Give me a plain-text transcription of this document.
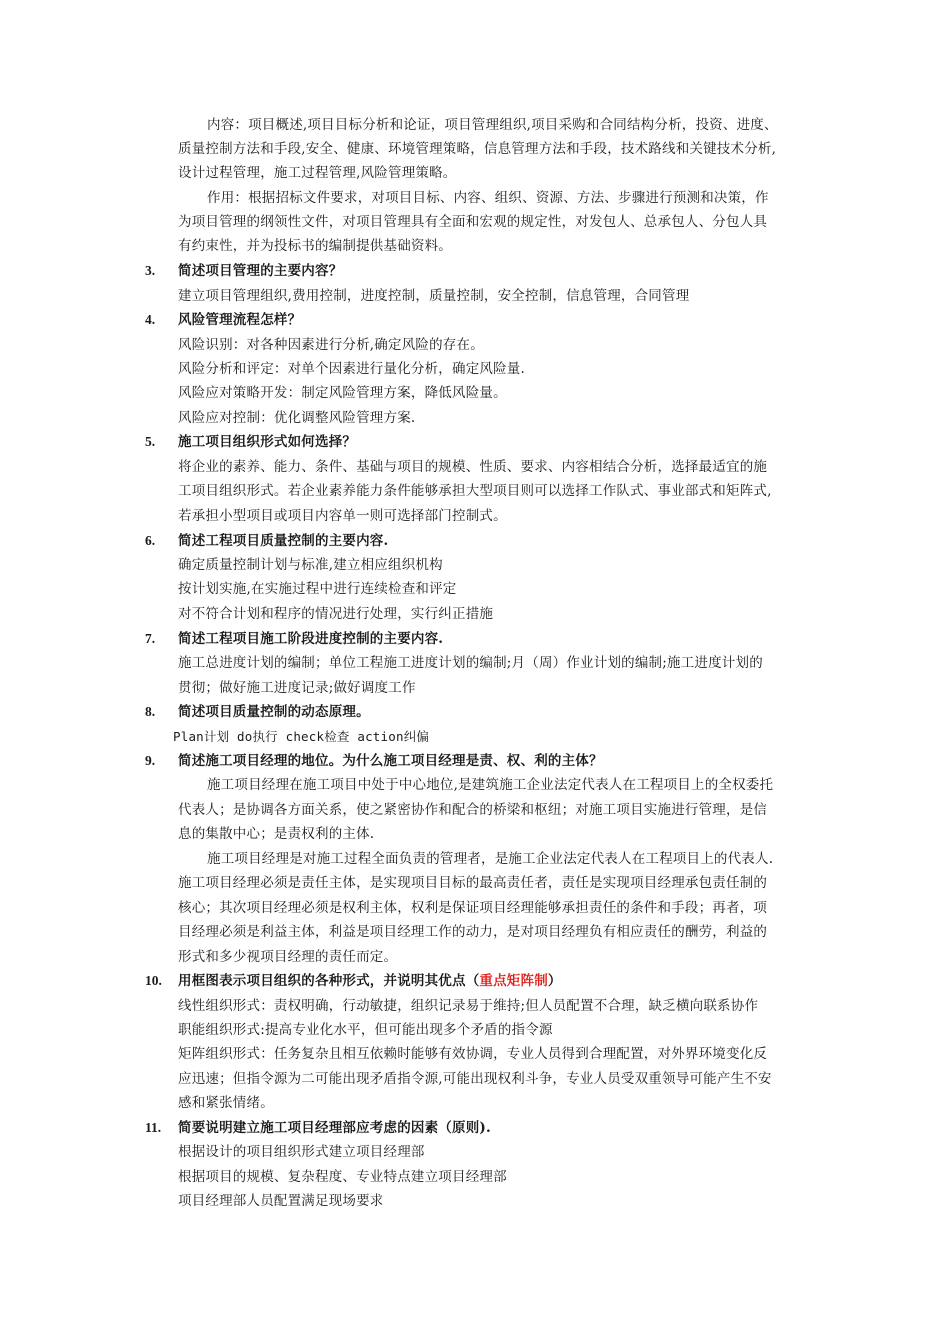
内容：项目概述,项目目标分析和论证，项目管理组织,项目采购和合同结构分析，投资、进度、
质量控制方法和手段,安全、健康、环境管理策略，信息管理方法和手段，技术路线和关键技术分析,
设计过程管理，施工过程管理,风险管理策略。
作用：根据招标文件要求，对项目目标、内容、组织、资源、方法、步骤进行预测和决策，作
为项目管理的纲领性文件，对项目管理具有全面和宏观的规定性，对发包人、总承包人、分包人具
有约束性，并为投标书的编制提供基础资料。
3. 简述项目管理的主要内容？
建立项目管理组织,费用控制，进度控制，质量控制，安全控制，信息管理，合同管理
4. 风险管理流程怎样？
风险识别：对各种因素进行分析,确定风险的存在。
风险分析和评定：对单个因素进行量化分析，确定风险量.
风险应对策略开发：制定风险管理方案，降低风险量。
风险应对控制：优化调整风险管理方案.
5. 施工项目组织形式如何选择？
将企业的素养、能力、条件、基础与项目的规模、性质、要求、内容相结合分析，选择最适宜的施
工项目组织形式。若企业素养能力条件能够承担大型项目则可以选择工作队式、事业部式和矩阵式,
若承担小型项目或项目内容单一则可选择部门控制式。
6. 简述工程项目质量控制的主要内容.
确定质量控制计划与标准,建立相应组织机构
按计划实施,在实施过程中进行连续检查和评定
对不符合计划和程序的情况进行处理，实行纠正措施
7. 简述工程项目施工阶段进度控制的主要内容.
施工总进度计划的编制；单位工程施工进度计划的编制;月（周）作业计划的编制;施工进度计划的
贯彻；做好施工进度记录;做好调度工作
8. 简述项目质量控制的动态原理。
Plan计划 do执行 check检查 action纠偏
9. 简述施工项目经理的地位。为什么施工项目经理是责、权、利的主体？
施工项目经理在施工项目中处于中心地位,是建筑施工企业法定代表人在工程项目上的全权委托
代表人；是协调各方面关系，使之紧密协作和配合的桥梁和枢纽；对施工项目实施进行管理，是信
息的集散中心；是责权利的主体.
施工项目经理是对施工过程全面负责的管理者，是施工企业法定代表人在工程项目上的代表人.
施工项目经理必须是责任主体，是实现项目目标的最高责任者，责任是实现项目经理承包责任制的
核心；其次项目经理必须是权利主体，权利是保证项目经理能够承担责任的条件和手段；再者，项
目经理必须是利益主体，利益是项目经理工作的动力，是对项目经理负有相应责任的酬劳，利益的
形式和多少视项目经理的责任而定。
10. 用框图表示项目组织的各种形式，并说明其优点（重点矩阵制）
线性组织形式：责权明确，行动敏捷，组织记录易于维持;但人员配置不合理，缺乏横向联系协作
职能组织形式:提高专业化水平，但可能出现多个矛盾的指令源
矩阵组织形式：任务复杂且相互依赖时能够有效协调，专业人员得到合理配置，对外界环境变化反
应迅速；但指令源为二可能出现矛盾指令源,可能出现权利斗争，专业人员受双重领导可能产生不安
感和紧张情绪。
11. 简要说明建立施工项目经理部应考虑的因素（原则).
根据设计的项目组织形式建立项目经理部
根据项目的规模、复杂程度、专业特点建立项目经理部
项目经理部人员配置满足现场要求
